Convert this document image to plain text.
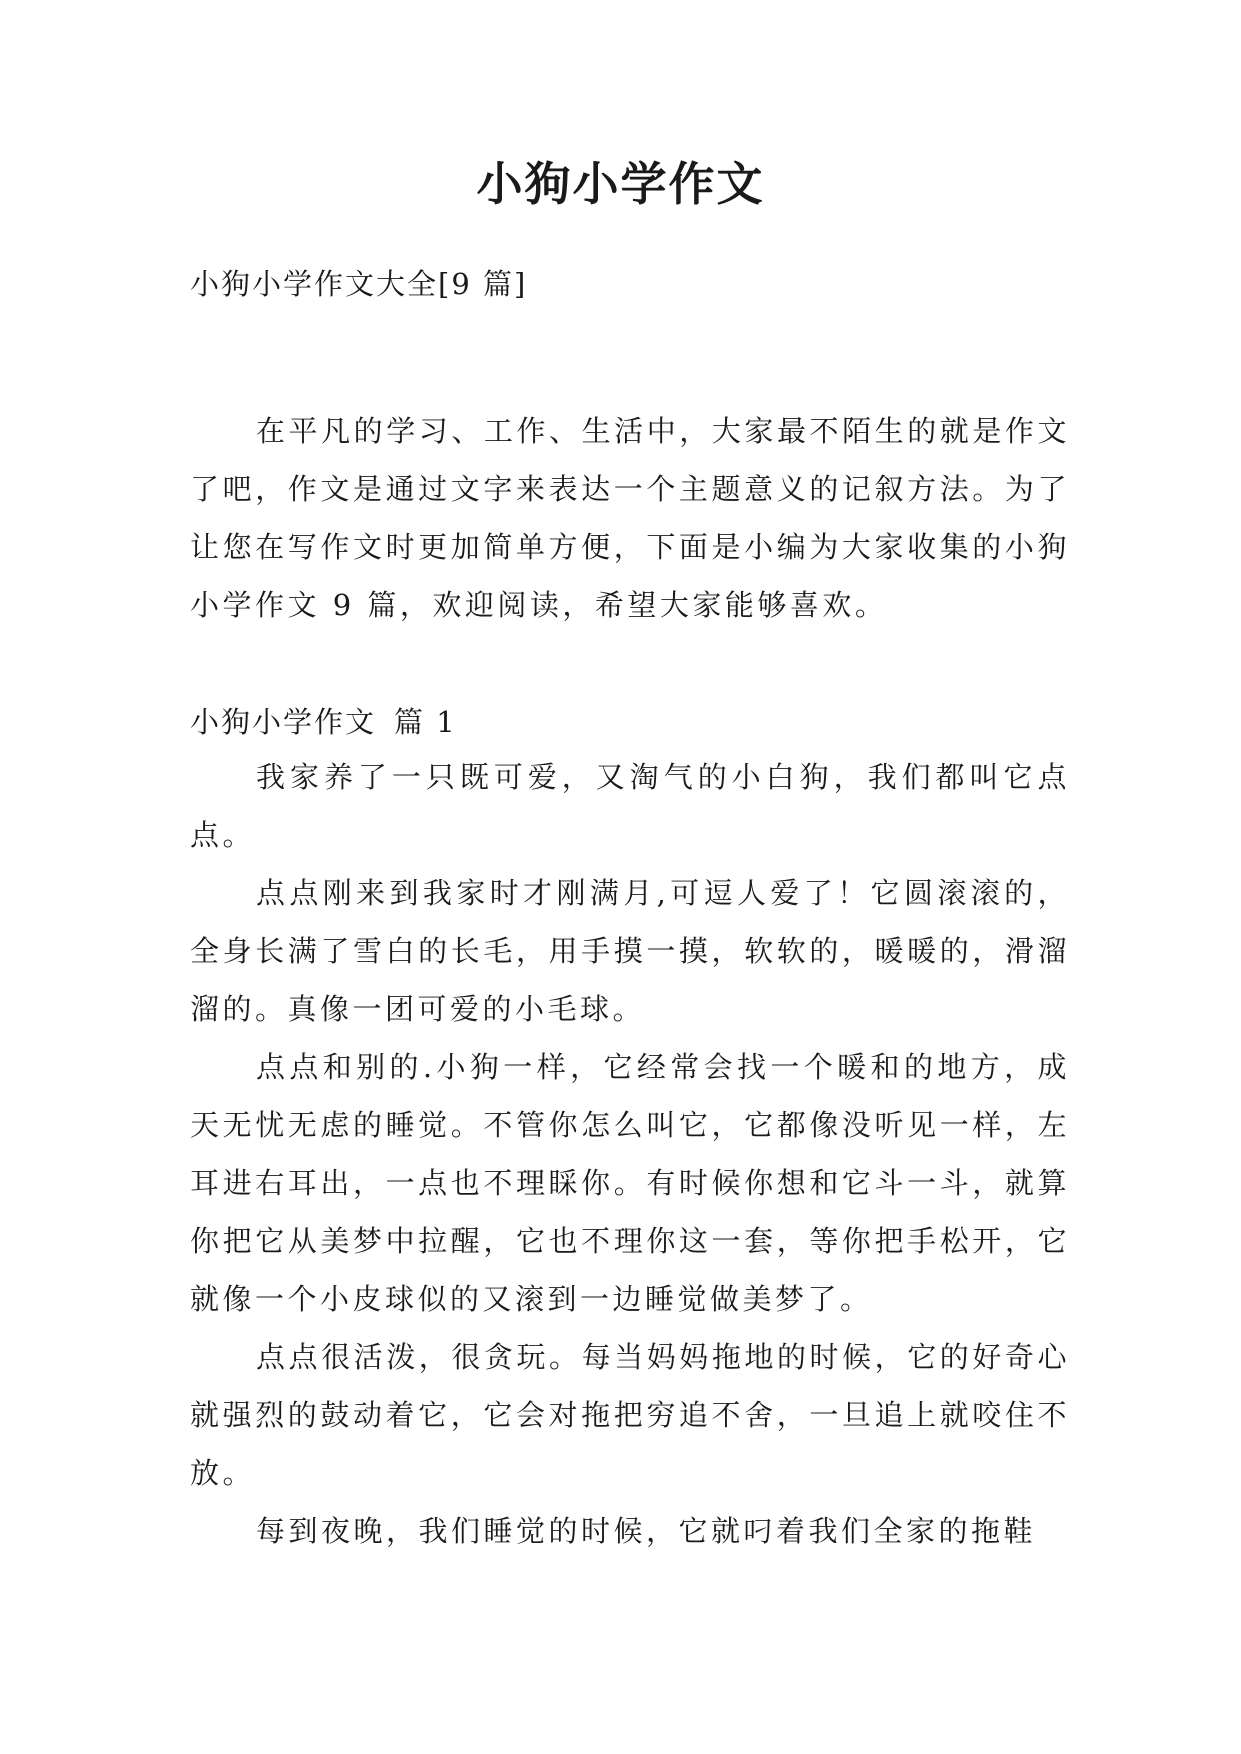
小狗小学作文

小狗小学作文大全[9 篇]

在平凡的学习、工作、生活中，大家最不陌生的就是作文了吧，作文是通过文字来表达一个主题意义的记叙方法。为了让您在写作文时更加简单方便，下面是小编为大家收集的小狗小学作文 9 篇，欢迎阅读，希望大家能够喜欢。

小狗小学作文 篇 1

我家养了一只既可爱，又淘气的小白狗，我们都叫它点点。

点点刚来到我家时才刚满月,可逗人爱了！它圆滚滚的，全身长满了雪白的长毛，用手摸一摸，软软的，暖暖的，滑溜溜的。真像一团可爱的小毛球。

点点和别的.小狗一样，它经常会找一个暖和的地方，成天无忧无虑的睡觉。不管你怎么叫它，它都像没听见一样，左耳进右耳出，一点也不理睬你。有时候你想和它斗一斗，就算你把它从美梦中拉醒，它也不理你这一套，等你把手松开，它就像一个小皮球似的又滚到一边睡觉做美梦了。

点点很活泼，很贪玩。每当妈妈拖地的时候，它的好奇心就强烈的鼓动着它，它会对拖把穷追不舍，一旦追上就咬住不放。

每到夜晚，我们睡觉的时候，它就叼着我们全家的拖鞋
